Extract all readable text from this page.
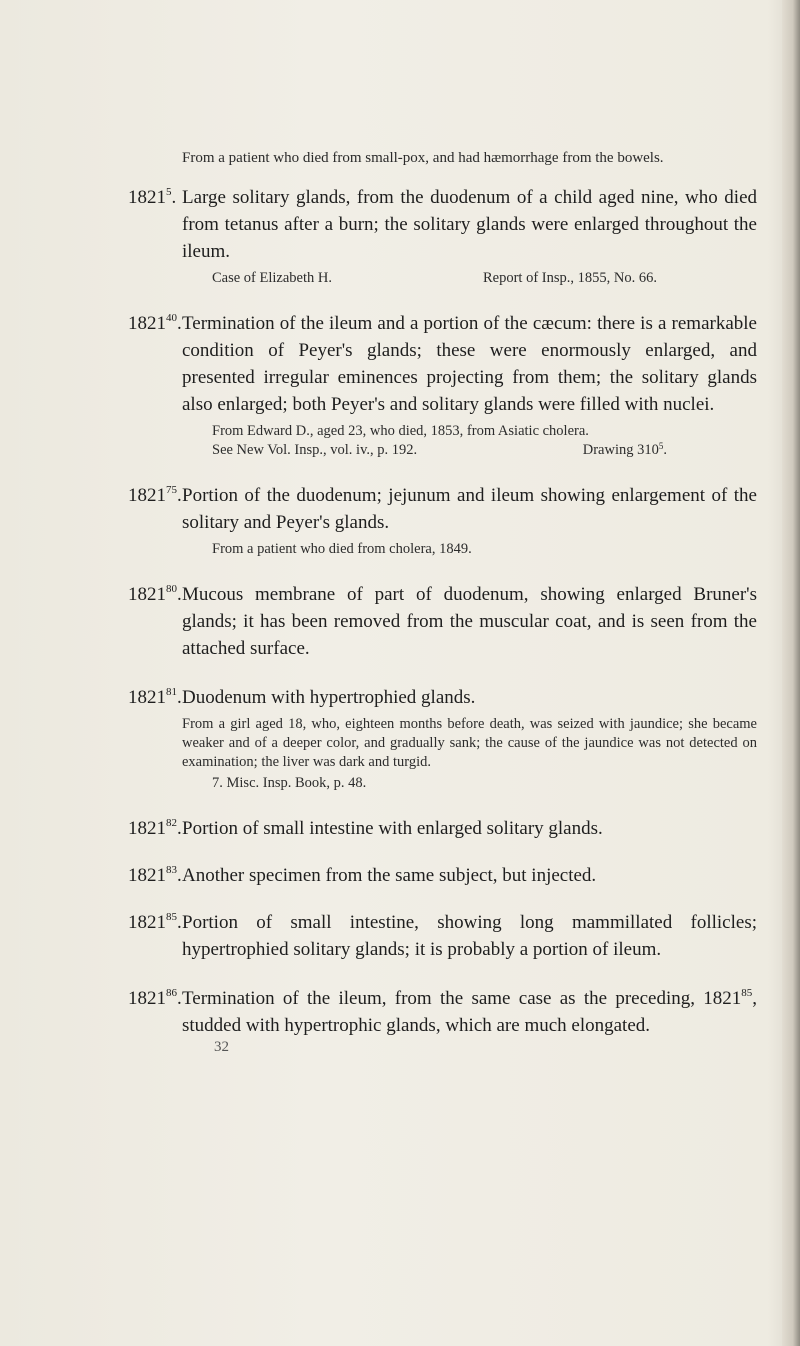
From a patient who died from small-pox, and had hæmorrhage from the bowels.

1821$^5$. Large solitary glands, from the duodenum of a child aged nine, who died from tetanus after a burn; the solitary glands were enlarged throughout the ileum.

Case of Elizabeth H.	Report of Insp., 1855, No. 66.
1821$^{40}$. Termination of the ileum and a portion of the cæcum: there is a remarkable condition of Peyer's glands; these were enormously enlarged, and presented irregular eminences projecting from them; the solitary glands also enlarged; both Peyer's and solitary glands were filled with nuclei.

From Edward D., aged 23, who died, 1853, from Asiatic cholera.

See New Vol. Insp., vol. iv., p. 192.	Drawing $310^5$.
1821$^{75}$. Portion of the duodenum; jejunum and ileum showing enlargement of the solitary and Peyer's glands.

From a patient who died from cholera, 1849.

1821$^{80}$. Mucous membrane of part of duodenum, showing enlarged Bruner's glands; it has been removed from the muscular coat, and is seen from the attached surface.

1821$^{81}$. Duodenum with hypertrophied glands.

From a girl aged 18, who, eighteen months before death, was seized with jaundice; she became weaker and of a deeper color, and gradually sank; the cause of the jaundice was not detected on examination; the liver was dark and turgid.

7. Misc. Insp. Book, p. 48.

1821$^{82}$. Portion of small intestine with enlarged solitary glands.

1821$^{83}$. Another specimen from the same subject, but injected.

1821$^{85}$. Portion of small intestine, showing long mammillated follicles; hypertrophied solitary glands; it is probably a portion of ileum.

1821$^{86}$. Termination of the ileum, from the same case as the preceding, 1821$^{85}$, studded with hypertrophic glands, which are much elongated.

32
